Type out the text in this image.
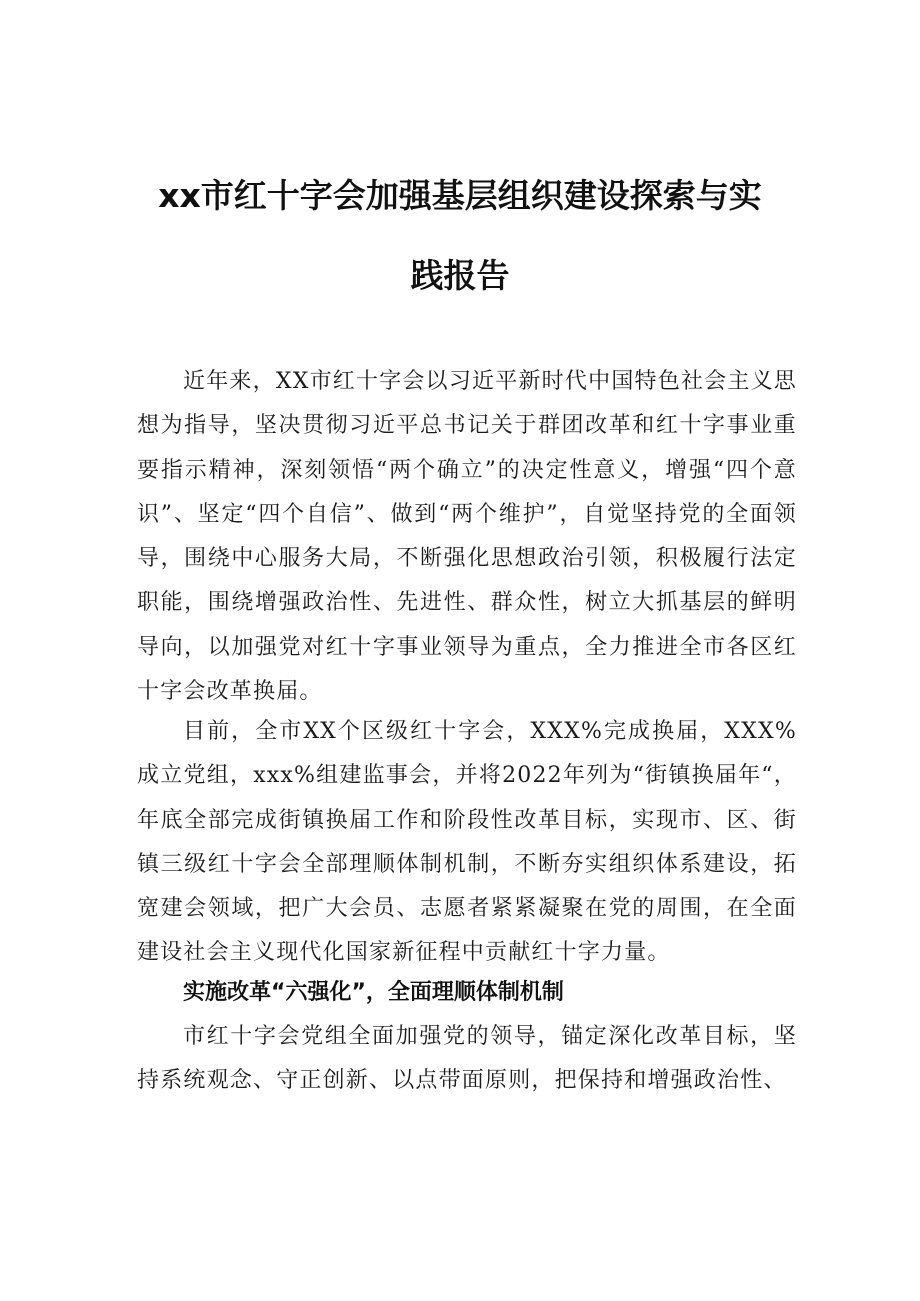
xx市红十字会加强基层组织建设探索与实
践报告

近年来，XX市红十字会以习近平新时代中国特色社会主义思想为指导，坚决贯彻习近平总书记关于群团改革和红十字事业重要指示精神，深刻领悟“两个确立”的决定性意义，增强“四个意识”、坚定“四个自信”、做到“两个维护”，自觉坚持党的全面领导，围绕中心服务大局，不断强化思想政治引领，积极履行法定职能，围绕增强政治性、先进性、群众性，树立大抓基层的鲜明导向，以加强党对红十字事业领导为重点，全力推进全市各区红十字会改革换届。

目前，全市XX个区级红十字会，XXX%完成换届，XXX%成立党组，xxx%组建监事会，并将2022年列为“街镇换届年“，年底全部完成街镇换届工作和阶段性改革目标，实现市、区、街镇三级红十字会全部理顺体制机制，不断夯实组织体系建设，拓宽建会领域，把广大会员、志愿者紧紧凝聚在党的周围，在全面建设社会主义现代化国家新征程中贡献红十字力量。

实施改革“六强化”，全面理顺体制机制

市红十字会党组全面加强党的领导，锚定深化改革目标，坚持系统观念、守正创新、以点带面原则，把保持和增强政治性、
